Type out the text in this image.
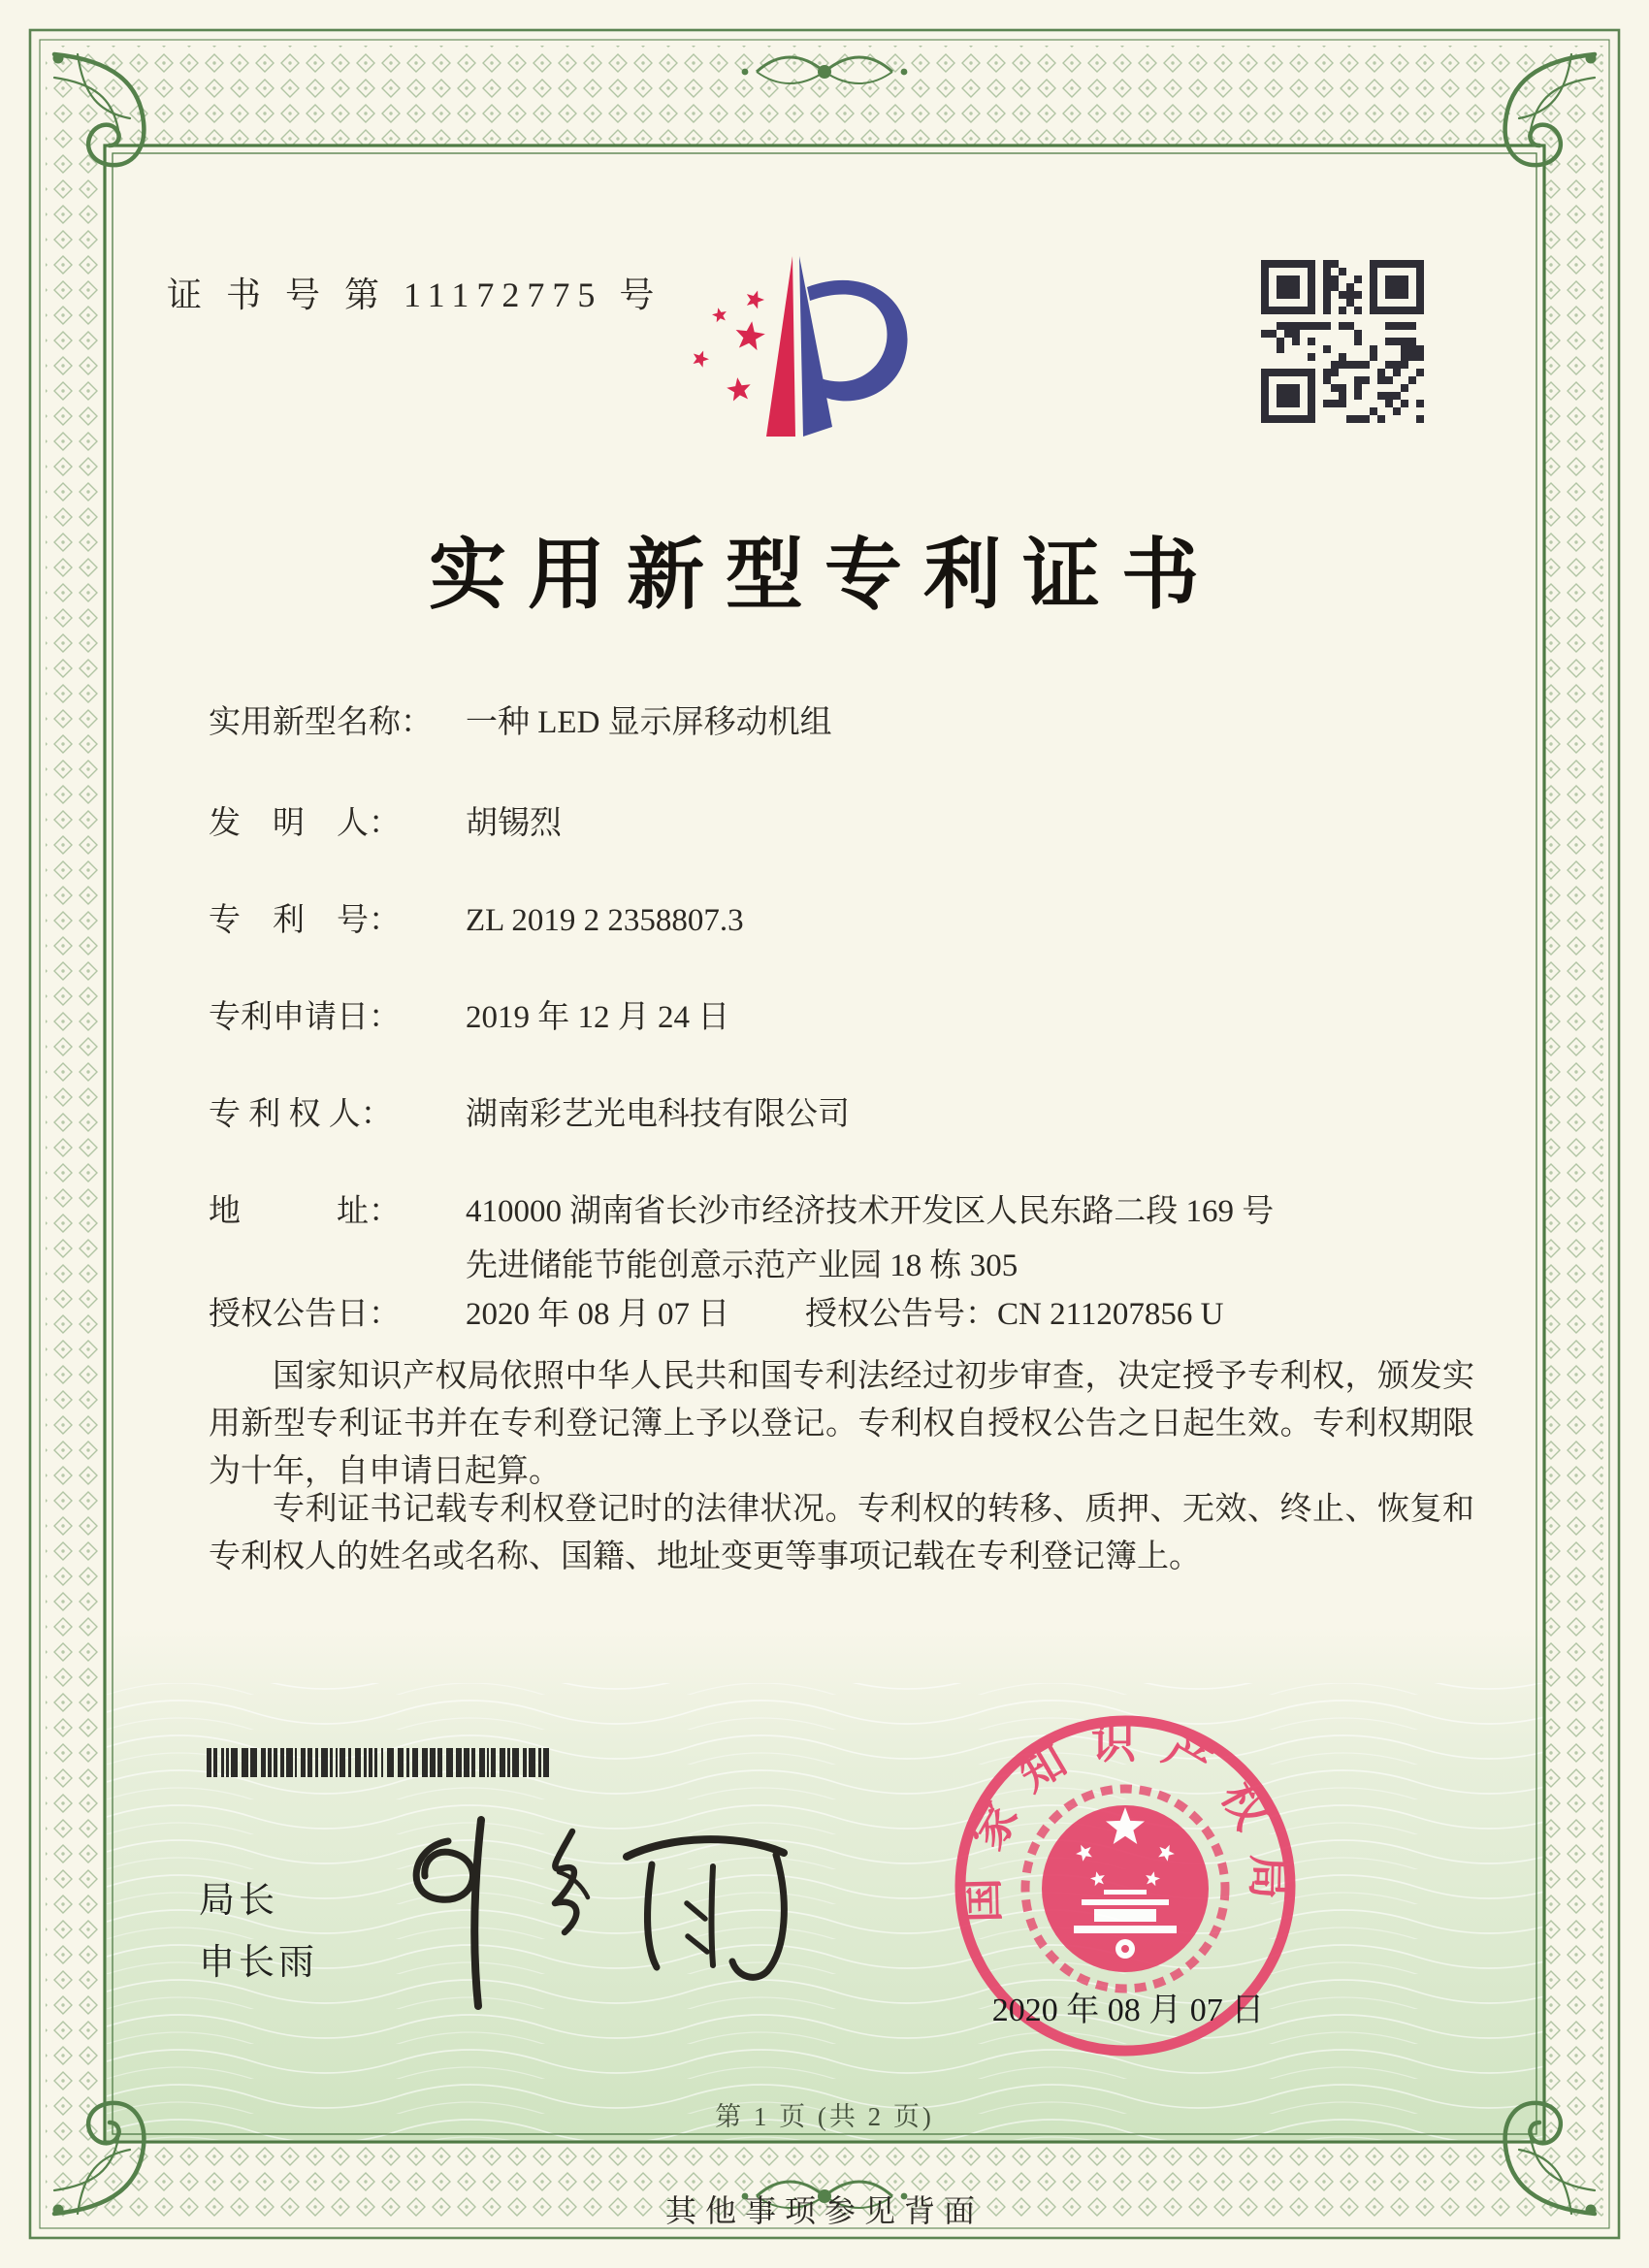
证 书 号 第 11172775 号
实用新型专利证书
实用新型名称： 一种 LED 显示屏移动机组
发　明　人： 胡锡烈
专　利　号： ZL 2019 2 2358807.3
专利申请日： 2019 年 12 月 24 日
专 利 权 人： 湖南彩艺光电科技有限公司
地　　　址： 410000 湖南省长沙市经济技术开发区人民东路二段 169 号
先进储能节能创意示范产业园 18 栋 305
授权公告日： 2020 年 08 月 07 日 授权公告号：CN 211207856 U
国家知识产权局依照中华人民共和国专利法经过初步审查，决定授予专利权，颁发实用新型专利证书并在专利登记簿上予以登记。专利权自授权公告之日起生效。专利权期限为十年，自申请日起算。
专利证书记载专利权登记时的法律状况。专利权的转移、质押、无效、终止、恢复和专利权人的姓名或名称、国籍、地址变更等事项记载在专利登记簿上。
局长
申长雨
国家知识产权局
2020 年 08 月 07 日
第 1 页 (共 2 页)
其他事项参见背面
